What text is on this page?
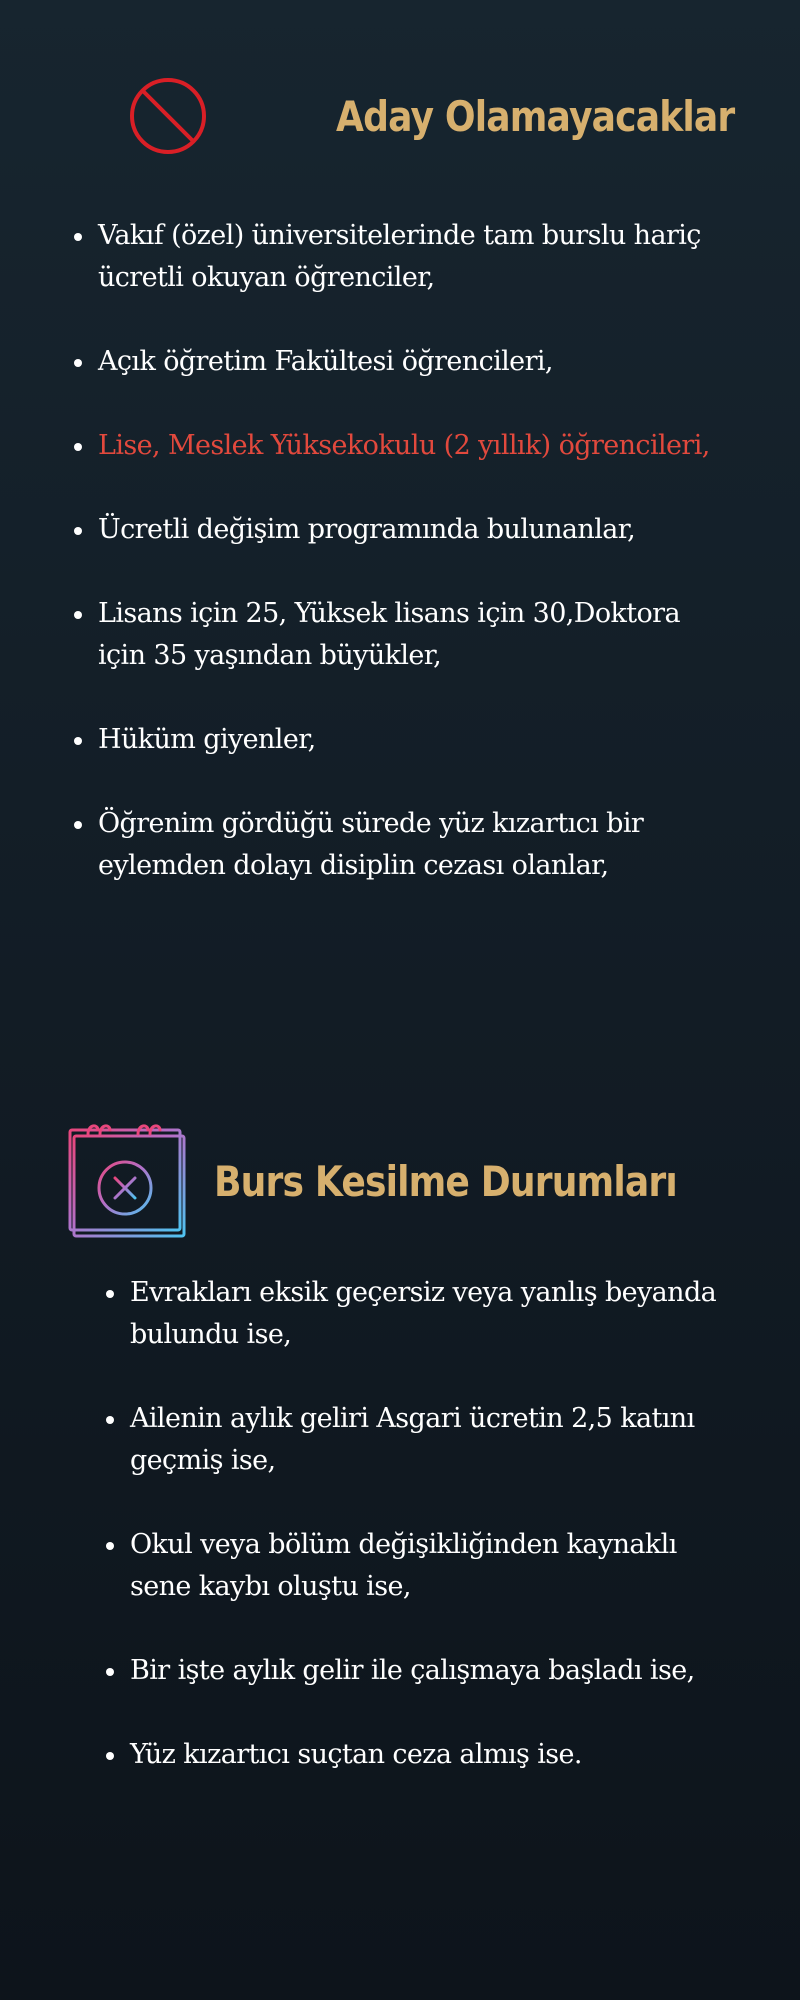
Aday Olamayacaklar
Vakıf (özel) üniversitelerinde tam burslu hariç ücretli okuyan öğrenciler,
Açık öğretim Fakültesi öğrencileri,
Lise, Meslek Yüksekokulu (2 yıllık) öğrencileri,
Ücretli değişim programında bulunanlar,
Lisans için 25, Yüksek lisans için 30,Doktora için 35 yaşından büyükler,
Hüküm giyenler,
Öğrenim gördüğü sürede yüz kızartıcı bir eylemden dolayı disiplin cezası olanlar,
Burs Kesilme Durumları
Evrakları eksik geçersiz veya yanlış beyanda bulundu ise,
Ailenin aylık geliri Asgari ücretin 2,5 katını geçmiş ise,
Okul veya bölüm değişikliğinden kaynaklı sene kaybı oluştu ise,
Bir işte aylık gelir ile çalışmaya başladı ise,
Yüz kızartıcı suçtan ceza almış ise.
